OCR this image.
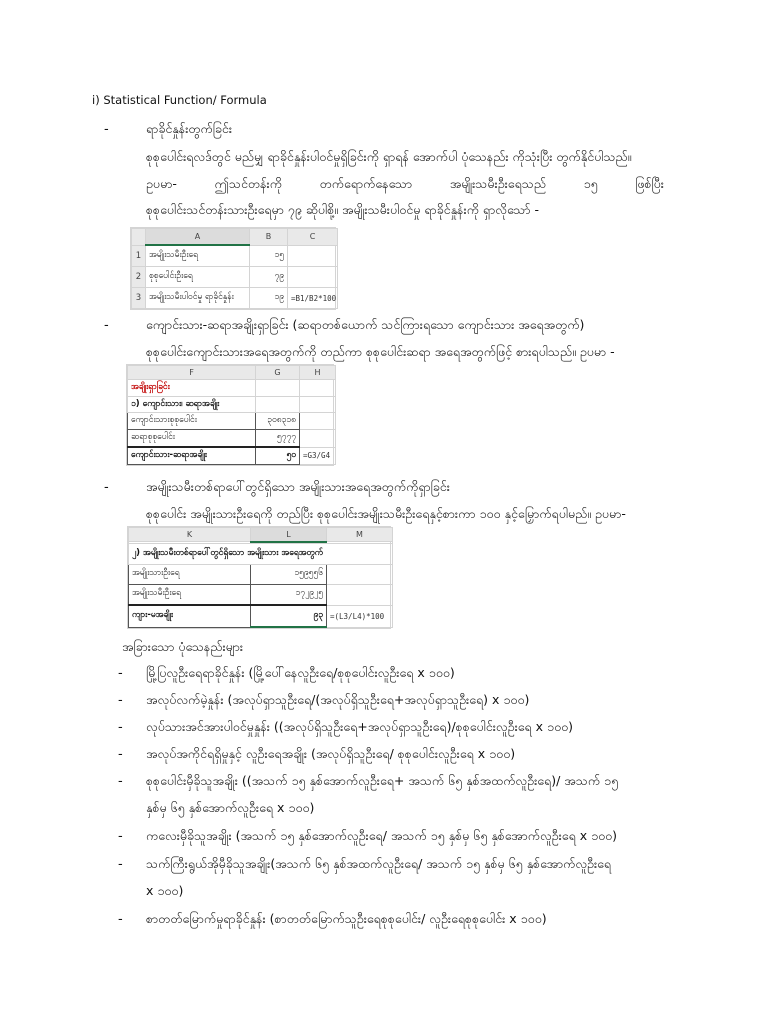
i) Statistical Function/ Formula
-	ရာခိုင်နှုန်းတွက်ခြင်း
စုစုပေါင်းရလဒ်တွင် မည်မျှ ရာခိုင်နှုန်းပါဝင်မှုရှိခြင်းကို ရှာရန် အောက်ပါ ပုံသေနည်း ကိုသုံးပြီး တွက်နိုင်ပါသည်။
ဥပမာ-	ဤသင်တန်းကို	တက်ရောက်နေသော	အမျိုးသမီးဦးရေသည်	၁၅	ဖြစ်ပြီး
စုစုပေါင်းသင်တန်းသားဦးရေမှာ ၇၉ ဆိုပါစို့။ အမျိုးသမီးပါဝင်မှု ရာခိုင်နှုန်းကို ရှာလိုသော် -
	A	B	C
1	အမျိုးသမီးဦးရေ	၁၅	
2	စုစုပေါင်းဦးရေ	၇၉	
3	အမျိုးသမီးပါဝင်မှု ရာခိုင်နှုန်း	၁၉	=B1/B2*100
-	ကျောင်းသား-ဆရာအချိုးရှာခြင်း (ဆရာတစ်ယောက် သင်ကြားရသော ကျောင်းသား အရေအတွက်)
စုစုပေါင်းကျောင်းသားအရေအတွက်ကို တည်ကာ စုစုပေါင်းဆရာ အရေအတွက်ဖြင့် စားရပါသည်။ ဥပမာ -
F	G	H
အချိုးရှာခြင်း		
၁) ကျောင်းသား၊ ဆရာအချိုး		
ကျောင်းသားစုစုပေါင်း	၃၀၈၃၁၈	
ဆရာစုစုပေါင်း	၅၇၇၇	
ကျောင်းသား-ဆရာအချိုး	၅၀	=G3/G4
-	အမျိုးသမီးတစ်ရာပေါ်တွင်ရှိသော အမျိုးသားအရေအတွက်ကိုရှာခြင်း
စုစုပေါင်း အမျိုးသားဦးရေကို တည်ပြီး စုစုပေါင်းအမျိုးသမီးဦးရေနှင့်စားကာ ၁၀၀ နှင့်မြှောက်ရပါမည်။ ဥပမာ-
K	L	M

၂) အမျိုးသမီးတစ်ရာပေါ်တွင်ရှိသော အမျိုးသား အရေအတွက်		
အမျိုးသားဦးရေ	၁၅၉၅၅၆	
အမျိုးသမီးဦးရေ	၁၇၂၉၂၅	
ကျား-မအချိုး	၉၃	=(L3/L4)*100
အခြားသော ပုံသေနည်းများ
- မြို့ပြလူဦးရေရာခိုင်နှုန်း (မြို့ပေါ်နေလူဦးရေ/စုစုပေါင်းလူဦးရေ x ၁၀၀)
- အလုပ်လက်မဲ့နှုန်း (အလုပ်ရှာသူဦးရေ/(အလုပ်ရှိသူဦးရေ+အလုပ်ရှာသူဦးရေ) x ၁၀၀)
- လုပ်သားအင်အားပါဝင်မှုနှုန်း ((အလုပ်ရှိသူဦးရေ+အလုပ်ရှာသူဦးရေ)/စုစုပေါင်းလူဦးရေ x ၁၀၀)
- အလုပ်အကိုင်ရရှိမှုနှင့် လူဦးရေအချိုး (အလုပ်ရှိသူဦးရေ/ စုစုပေါင်းလူဦးရေ x ၁၀၀)
- စုစုပေါင်းမှီခိုသူအချိုး ((အသက် ၁၅ နှစ်အောက်လူဦးရေ+ အသက် ၆၅ နှစ်အထက်လူဦးရေ)/ အသက် ၁၅
နှစ်မှ ၆၅ နှစ်အောက်လူဦးရေ x ၁၀၀)
- ကလေးမှီခိုသူအချိုး (အသက် ၁၅ နှစ်အောက်လူဦးရေ/ အသက် ၁၅ နှစ်မှ ၆၅ နှစ်အောက်လူဦးရေ x ၁၀၀)
- သက်ကြီးရွယ်အိုမှီခိုသူအချိုး(အသက် ၆၅ နှစ်အထက်လူဦးရေ/ အသက် ၁၅ နှစ်မှ ၆၅ နှစ်အောက်လူဦးရေ
x ၁၀၀)
- စာတတ်မြောက်မှုရာခိုင်နှုန်း (စာတတ်မြောက်သူဦးရေစုစုပေါင်း/ လူဦးရေစုစုပေါင်း x ၁၀၀)
